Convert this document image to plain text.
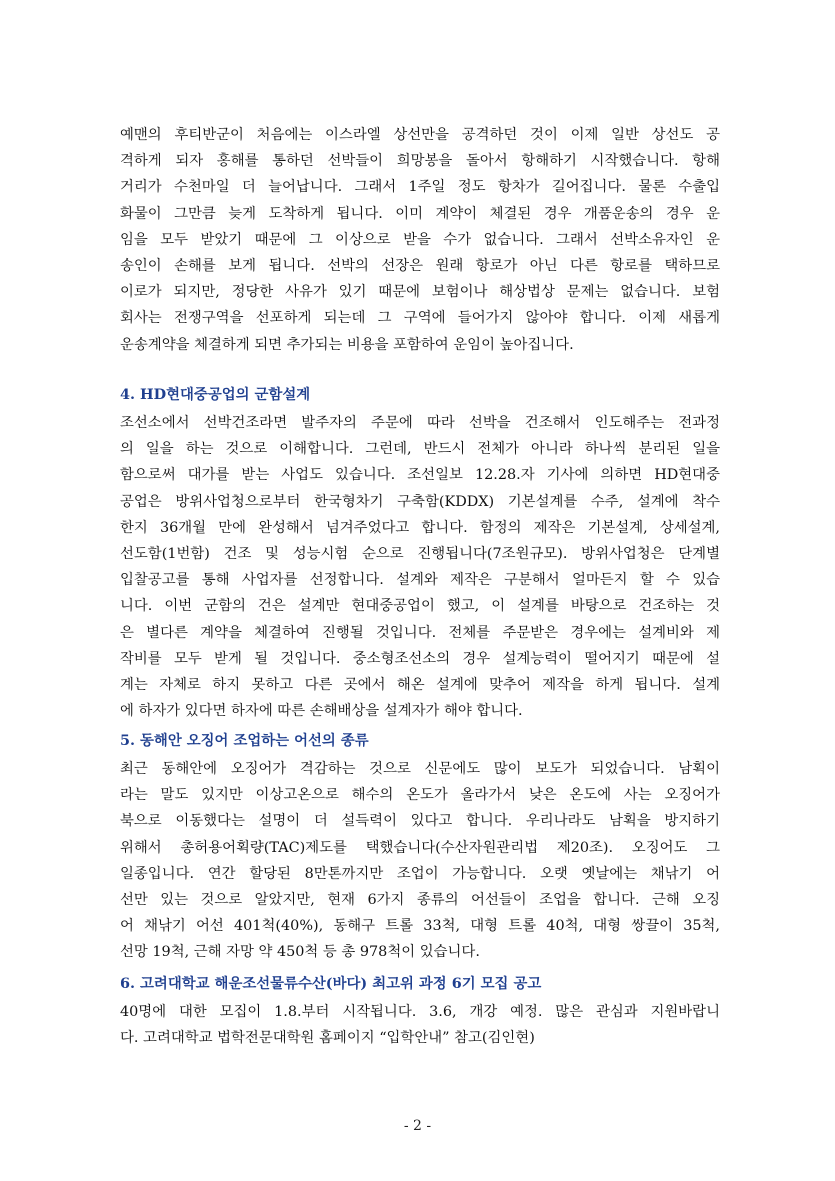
예맨의 후티반군이 처음에는 이스라엘 상선만을 공격하던 것이 이제 일반 상선도 공
격하게 되자 홍해를 통하던 선박들이 희망봉을 돌아서 항해하기 시작했습니다. 항해
거리가 수천마일 더 늘어납니다. 그래서 1주일 정도 항차가 길어집니다. 물론 수출입
화물이 그만큼 늦게 도착하게 됩니다. 이미 계약이 체결된 경우 개품운송의 경우 운
임을 모두 받았기 때문에 그 이상으로 받을 수가 없습니다. 그래서 선박소유자인 운
송인이 손해를 보게 됩니다. 선박의 선장은 원래 항로가 아닌 다른 항로를 택하므로
이로가 되지만, 정당한 사유가 있기 때문에 보험이나 해상법상 문제는 없습니다. 보험
회사는 전쟁구역을 선포하게 되는데 그 구역에 들어가지 않아야 합니다. 이제 새롭게
운송계약을 체결하게 되면 추가되는 비용을 포함하여 운임이 높아집니다.

4. HD현대중공업의 군함설계

조선소에서 선박건조라면 발주자의 주문에 따라 선박을 건조해서 인도해주는 전과정
의 일을 하는 것으로 이해합니다. 그런데, 반드시 전체가 아니라 하나씩 분리된 일을
함으로써 대가를 받는 사업도 있습니다. 조선일보 12.28.자 기사에 의하면 HD현대중
공업은 방위사업청으로부터 한국형차기 구축함(KDDX) 기본설계를 수주, 설계에 착수
한지 36개월 만에 완성해서 넘겨주었다고 합니다. 함정의 제작은 기본설계, 상세설계,
선도함(1번함) 건조 및 성능시험 순으로 진행됩니다(7조원규모). 방위사업청은 단계별
입찰공고를 통해 사업자를 선정합니다. 설계와 제작은 구분해서 얼마든지 할 수 있습
니다. 이번 군함의 건은 설계만 현대중공업이 했고, 이 설계를 바탕으로 건조하는 것
은 별다른 계약을 체결하여 진행될 것입니다. 전체를 주문받은 경우에는 설계비와 제
작비를 모두 받게 될 것입니다. 중소형조선소의 경우 설계능력이 떨어지기 때문에 설
계는 자체로 하지 못하고 다른 곳에서 해온 설계에 맞추어 제작을 하게 됩니다. 설계
에 하자가 있다면 하자에 따른 손해배상을 설계자가 해야 합니다.

5. 동해안 오징어 조업하는 어선의 종류

최근 동해안에 오징어가 격감하는 것으로 신문에도 많이 보도가 되었습니다. 남획이
라는 말도 있지만 이상고온으로 해수의 온도가 올라가서 낮은 온도에 사는 오징어가
북으로 이동했다는 설명이 더 설득력이 있다고 합니다. 우리나라도 남획을 방지하기
위해서 총허용어획량(TAC)제도를 택했습니다(수산자원관리법 제20조). 오징어도 그
일종입니다. 연간 할당된 8만톤까지만 조업이 가능합니다. 오랫 옛날에는 채낚기 어
선만 있는 것으로 알았지만, 현재 6가지 종류의 어선들이 조업을 합니다. 근해 오징
어 채낚기 어선 401척(40%), 동해구 트롤 33척, 대형 트롤 40척, 대형 쌍끌이 35척,
선망 19척, 근해 자망 약 450척 등 총 978척이 있습니다.

6. 고려대학교 해운조선물류수산(바다) 최고위 과정 6기 모집 공고

40명에 대한 모집이 1.8.부터 시작됩니다. 3.6, 개강 예정. 많은 관심과 지원바랍니
다. 고려대학교 법학전문대학원 홈페이지 “입학안내” 참고(김인현)

- 2 -
